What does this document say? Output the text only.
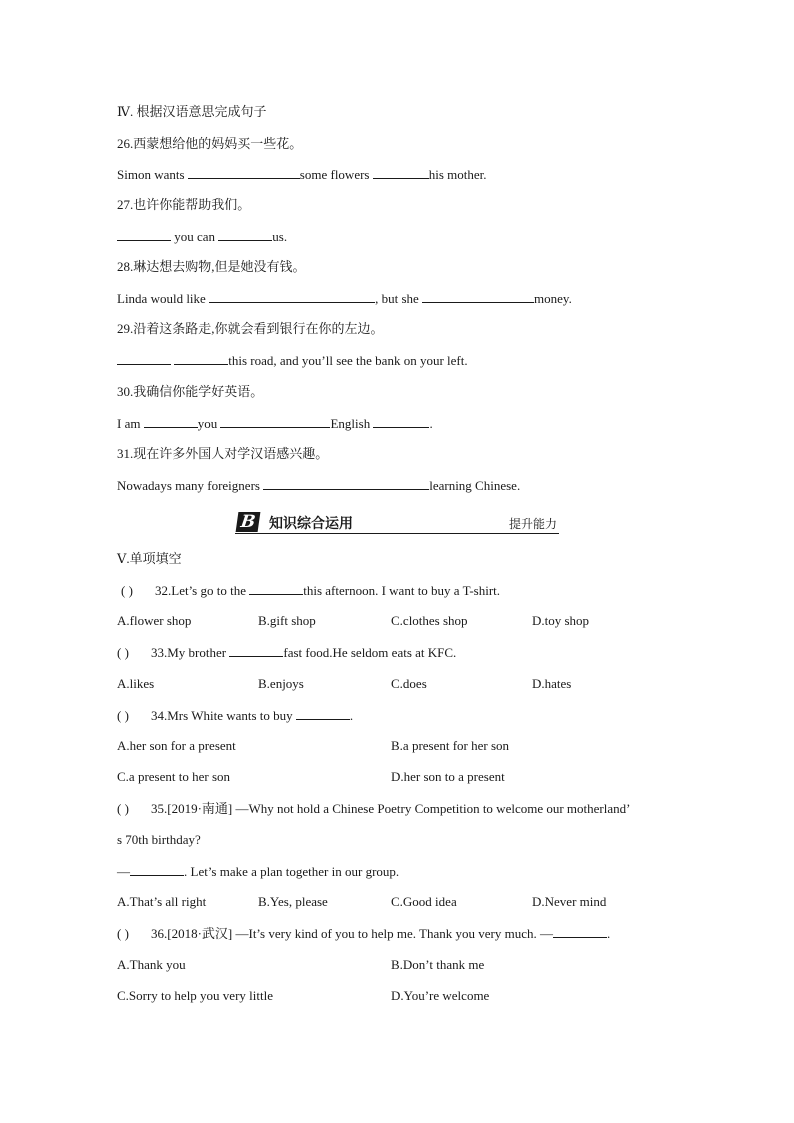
Ⅳ. 根据汉语意思完成句子
26.西蒙想给他的妈妈买一些花。
Simon wants	some flowers	his mother.
27.也许你能帮助我们。
you can	us.
28.琳达想去购物,但是她没有钱。
Linda would like	, but she	money.
29.沿着这条路走,你就会看到银行在你的左边。
this road, and you’ll see the bank on your left.
30.我确信你能学好英语。
I am	you	English	.
31.现在许多外国人对学汉语感兴趣。
Nowadays many foreigners	learning Chinese.
B 知识综合运用	提升能力
Ⅴ.单项填空
( ) 32.Let’s go to the	this afternoon. I want to buy a T-shirt.
A.flower shop	B.gift shop	C.clothes shop	D.toy shop
( ) 33.My brother	fast food.He seldom eats at KFC.
A.likes	B.enjoys	C.does	D.hates
( ) 34.Mrs White wants to buy	.
A.her son for a present	B.a present for her son
C.a present to her son	D.her son to a present
( ) 35.[2019·南通] —Why not hold a Chinese Poetry Competition to welcome our motherland’
s 70th birthday?
—	. Let’s make a plan together in our group.
A.That’s all right	B.Yes, please	C.Good idea	D.Never mind
( ) 36.[2018·武汉] —It’s very kind of you to help me. Thank you very much. —	.
A.Thank you	B.Don’t thank me
C.Sorry to help you very little	D.You’re welcome
